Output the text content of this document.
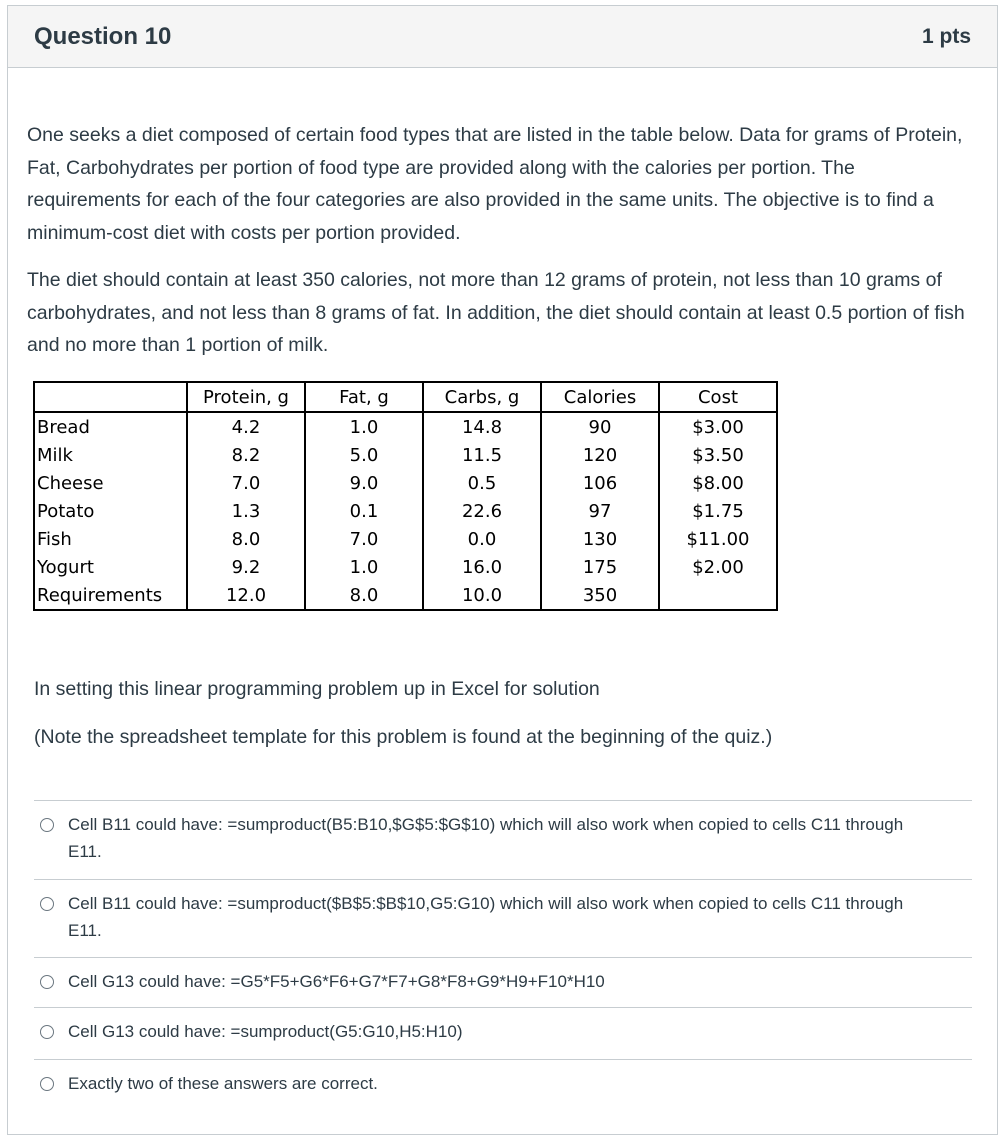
Question 10	1 pts

One seeks a diet composed of certain food types that are listed in the table below. Data for grams of Protein, Fat, Carbohydrates per portion of food type are provided along with the calories per portion. The requirements for each of the four categories are also provided in the same units. The objective is to find a minimum-cost diet with costs per portion provided.

The diet should contain at least 350 calories, not more than 12 grams of protein, not less than 10 grams of carbohydrates, and not less than 8 grams of fat. In addition, the diet should contain at least 0.5 portion of fish and no more than 1 portion of milk.

	Protein, g	Fat, g	Carbs, g	Calories	Cost
Bread	4.2	1.0	14.8	90	$3.00
Milk	8.2	5.0	11.5	120	$3.50
Cheese	7.0	9.0	0.5	106	$8.00
Potato	1.3	0.1	22.6	97	$1.75
Fish	8.0	7.0	0.0	130	$11.00
Yogurt	9.2	1.0	16.0	175	$2.00
Requirements	12.0	8.0	10.0	350	

In setting this linear programming problem up in Excel for solution

(Note the spreadsheet template for this problem is found at the beginning of the quiz.)

Cell B11 could have: =sumproduct(B5:B10,$G$5:$G$10) which will also work when copied to cells C11 through E11.
Cell B11 could have: =sumproduct($B$5:$B$10,G5:G10) which will also work when copied to cells C11 through E11.
Cell G13 could have: =G5*F5+G6*F6+G7*F7+G8*F8+G9*H9+F10*H10
Cell G13 could have: =sumproduct(G5:G10,H5:H10)
Exactly two of these answers are correct.
